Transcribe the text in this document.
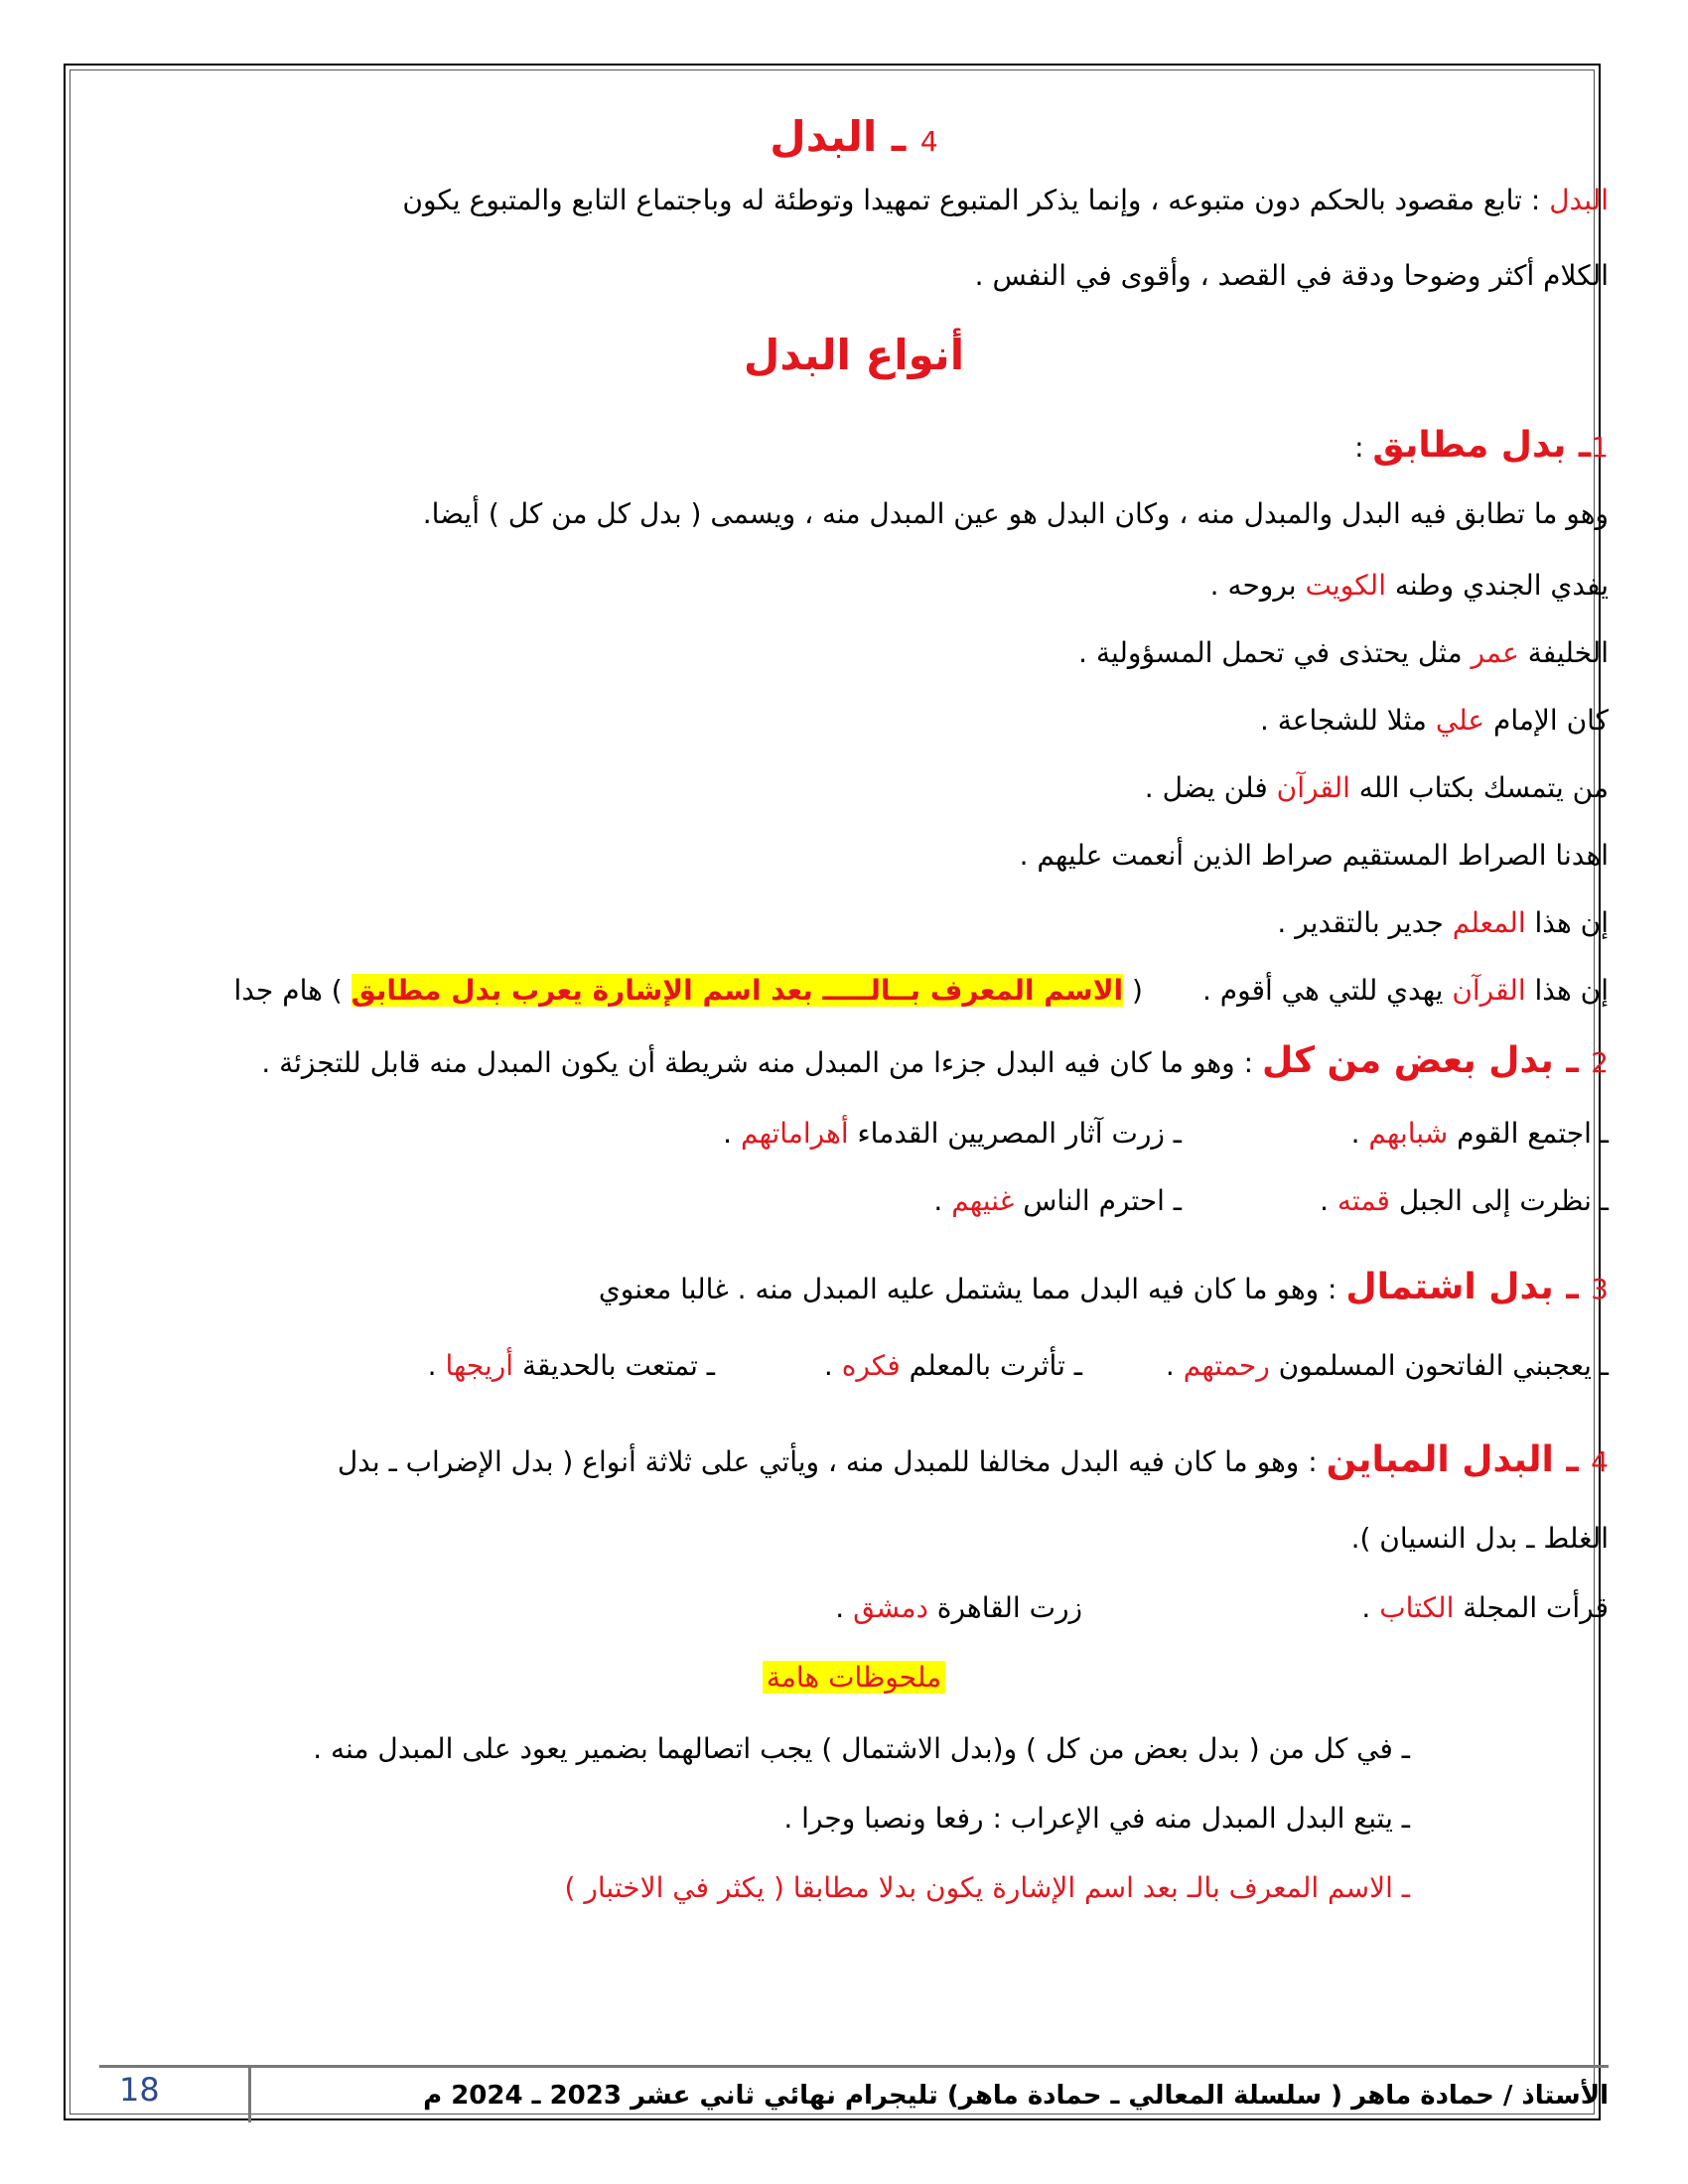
4 ـ البدل
البدل : تابع مقصود بالحكم دون متبوعه ، وإنما يذكر المتبوع تمهيدا وتوطئة له وباجتماع التابع والمتبوع يكون
الكلام أكثر وضوحا ودقة في القصد ، وأقوى في النفس .
أنواع البدل
1ـ بدل مطابق :
وهو ما تطابق فيه البدل والمبدل منه ، وكان البدل هو عين المبدل منه ، ويسمى ( بدل كل من كل ) أيضا.
يفدي الجندي وطنه الكويت بروحه .
الخليفة عمر مثل يحتذى في تحمل المسؤولية .
كان الإمام علي مثلا للشجاعة .
من يتمسك بكتاب الله القرآن فلن يضل .
اهدنا الصراط المستقيم صراط الذين أنعمت عليهم .
إن هذا المعلم جدير بالتقدير .
إن هذا القرآن يهدي للتي هي أقوم .( الاسم المعرف بــالـــــ بعد اسم الإشارة يعرب بدل مطابق ) هام جدا
2 ـ بدل بعض من كل : وهو ما كان فيه البدل جزءا من المبدل منه شريطة أن يكون المبدل منه قابل للتجزئة .
ـ اجتمع القوم شبابهم .
ـ زرت آثار المصريين القدماء أهراماتهم .
ـ نظرت إلى الجبل قمته .
ـ احترم الناس غنيهم .
3 ـ بدل اشتمال : وهو ما كان فيه البدل مما يشتمل عليه المبدل منه . غالبا معنوي
ـ يعجبني الفاتحون المسلمون رحمتهم .
ـ تأثرت بالمعلم فكره .
ـ تمتعت بالحديقة أريجها .
4 ـ البدل المباين : وهو ما كان فيه البدل مخالفا للمبدل منه ، ويأتي على ثلاثة أنواع ( بدل الإضراب ـ بدل
الغلط ـ بدل النسيان ).
قرأت المجلة الكتاب .
زرت القاهرة دمشق .
ملحوظات هامة
ـ في كل من ( بدل بعض من كل ) و(بدل الاشتمال ) يجب اتصالهما بضمير يعود على المبدل منه .
ـ يتبع البدل المبدل منه في الإعراب : رفعا ونصبا وجرا .
ـ الاسم المعرف بالـ بعد اسم الإشارة يكون بدلا مطابقا ( يكثر في الاختبار )
الأستاذ / حمادة ماهر ( سلسلة المعالي ـ حمادة ماهر) تليجرام نهائي ثاني عشر 2023 ـ 2024 م
18
